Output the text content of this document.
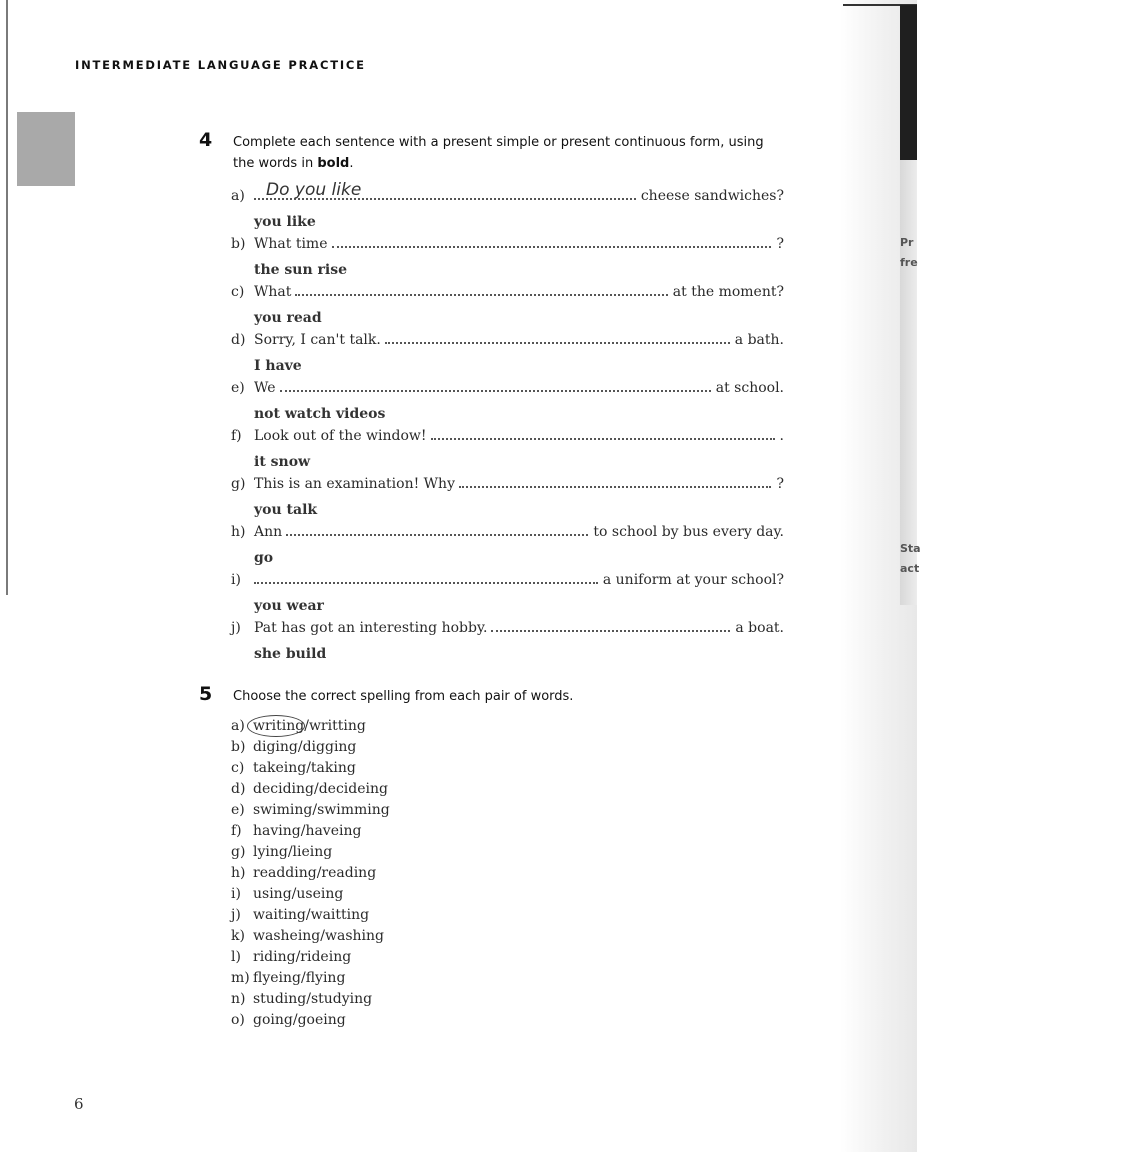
INTERMEDIATE LANGUAGE PRACTICE
4 Complete each sentence with a present simple or present continuous form, using the words in bold.
a)	Do you like	cheese sandwiches?
you like
b) What time	?
the sun rise
c) What	at the moment?
you read
d) Sorry, I can't talk.	a bath.
I have
e) We	at school.
not watch videos
f) Look out of the window!	.
it snow
g) This is an examination! Why	?
you talk
h) Ann	to school by bus every day.
go
i)	a uniform at your school?
you wear
j) Pat has got an interesting hobby.	a boat.
she build
5 Choose the correct spelling from each pair of words.
a) writing/writting
b) diging/digging
c) takeing/taking
d) deciding/decideing
e) swiming/swimming
f) having/haveing
g) lying/lieing
h) readding/reading
i) using/useing
j) waiting/waitting
k) washeing/washing
l) riding/rideing
m) flyeing/flying
n) studing/studying
o) going/goeing
6
Pr
fre
Sta
act
